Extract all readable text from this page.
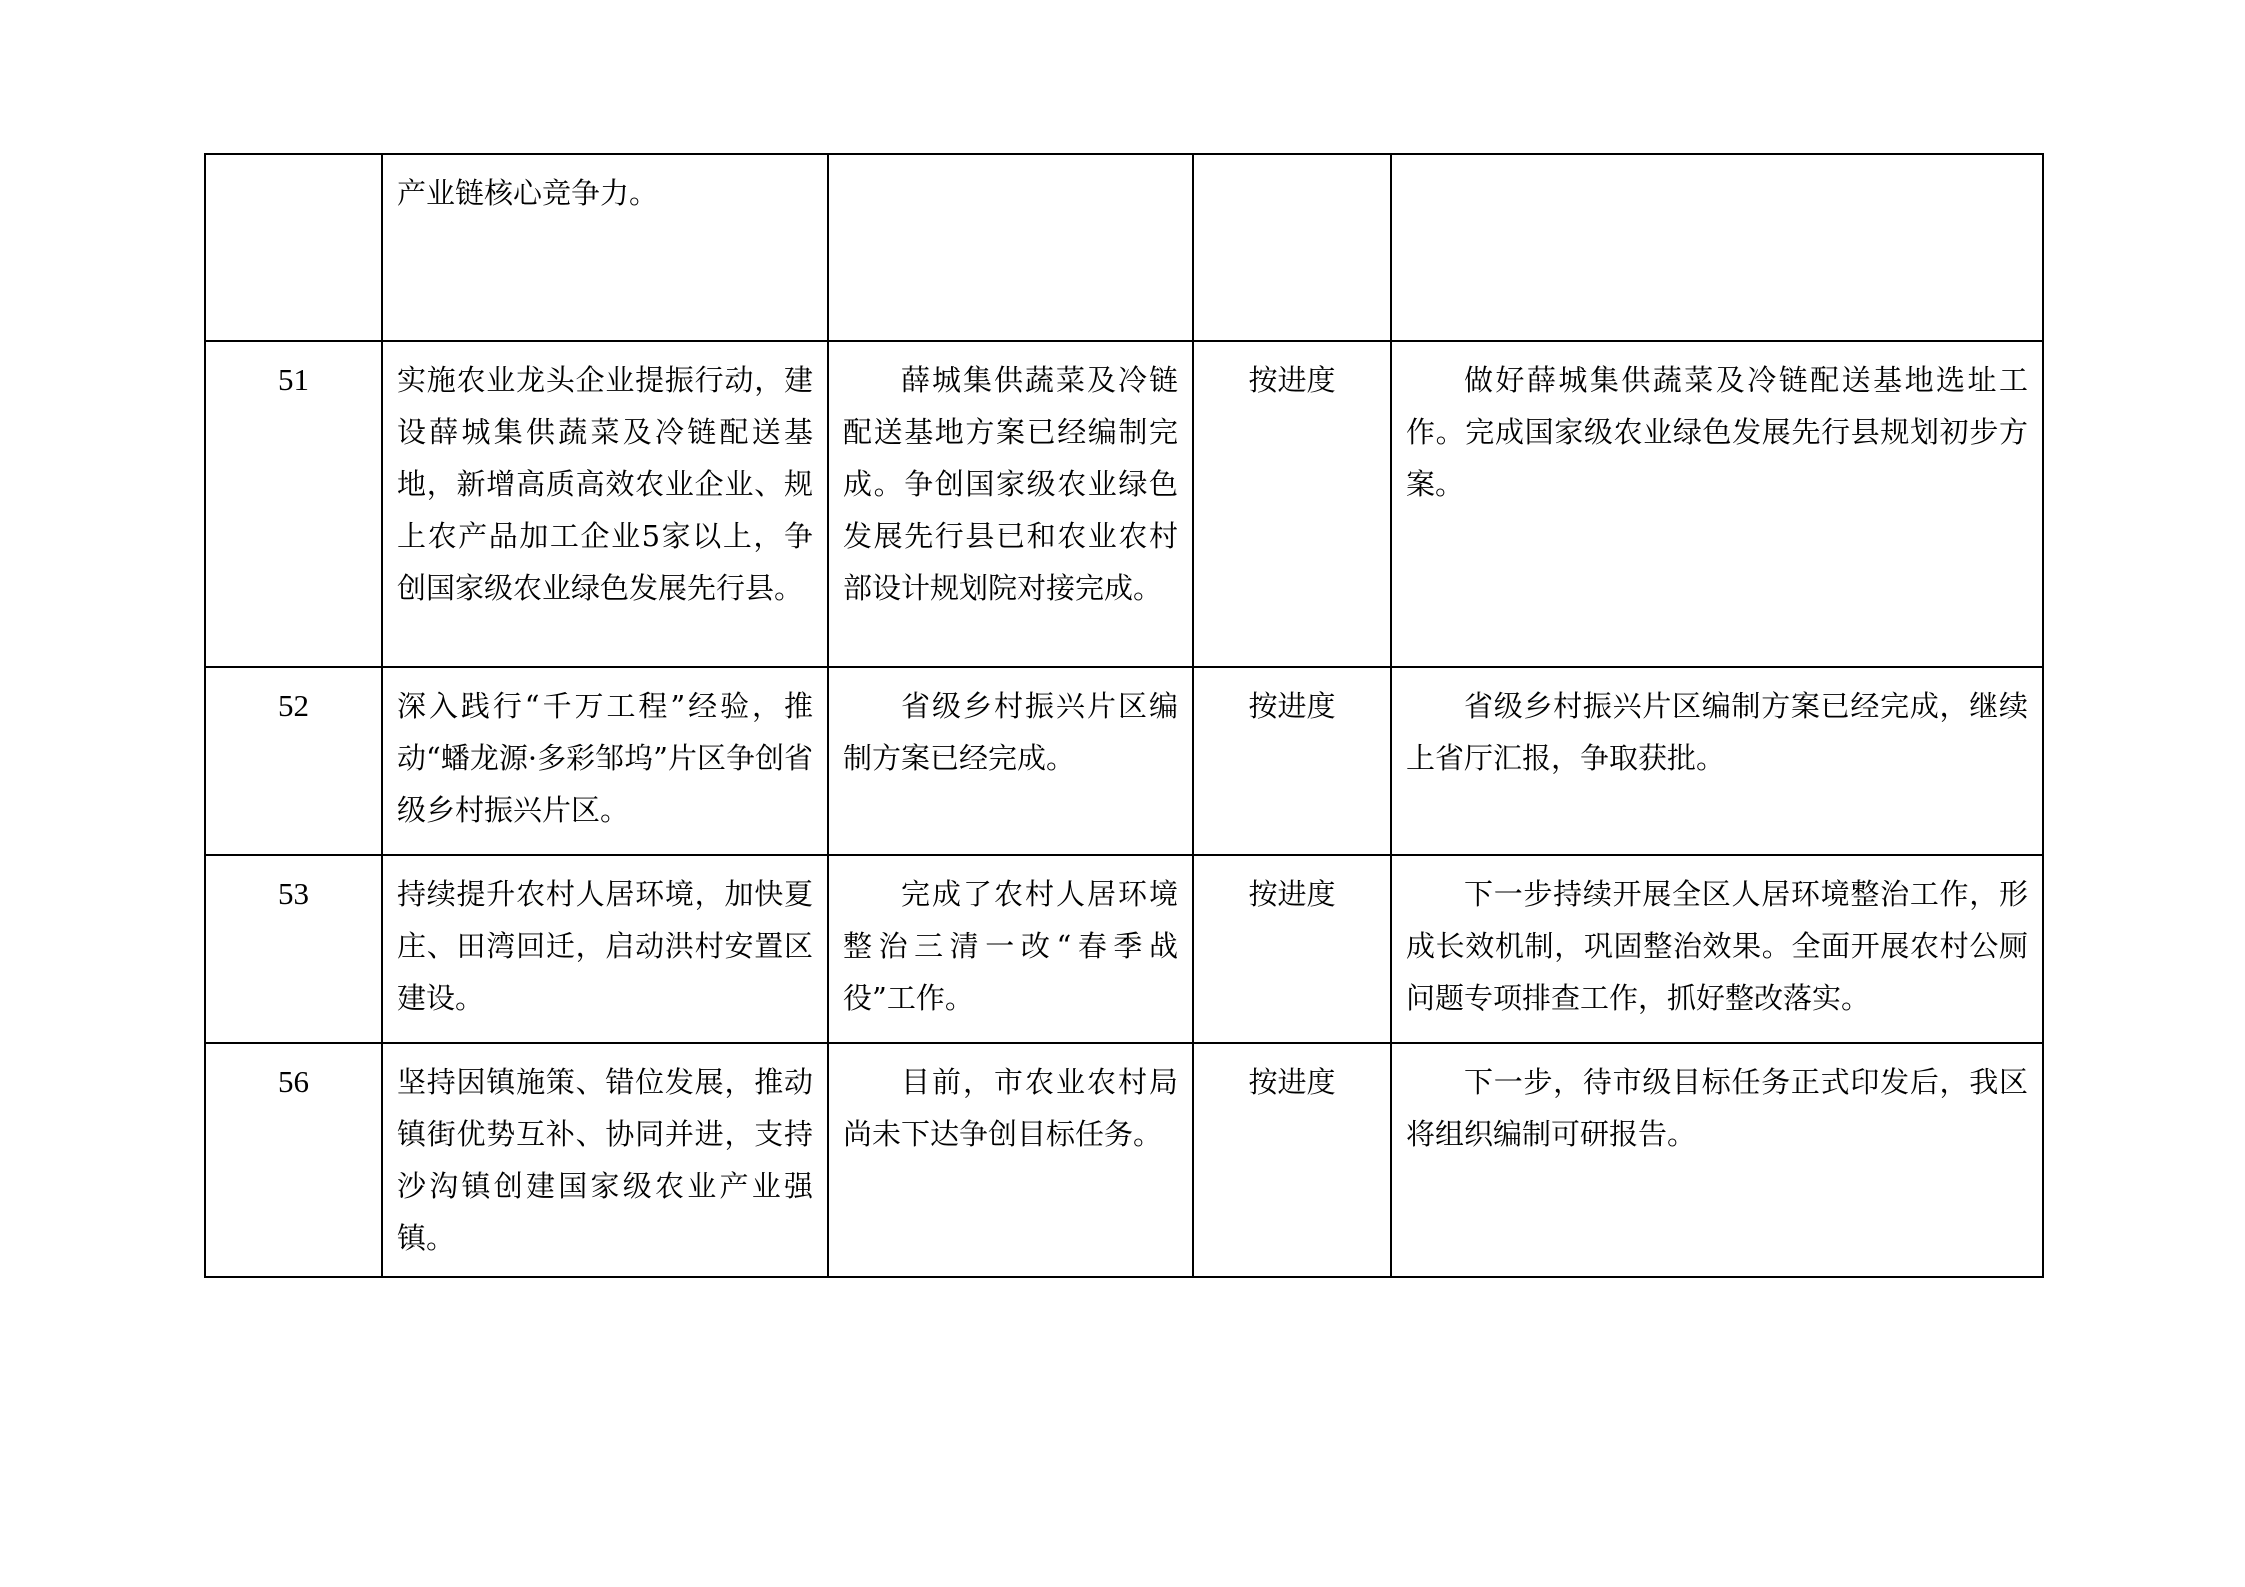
	产业链核心竞争力。			
51	实施农业龙头企业提振行动，建设薛城集供蔬菜及冷链配送基地，新增高质高效农业企业、规上农产品加工企业5家以上，争创国家级农业绿色发展先行县。	薛城集供蔬菜及冷链配送基地方案已经编制完成。争创国家级农业绿色发展先行县已和农业农村部设计规划院对接完成。	按进度	做好薛城集供蔬菜及冷链配送基地选址工作。完成国家级农业绿色发展先行县规划初步方案。
52	深入践行“千万工程”经验，推动“蟠龙源·多彩邹坞”片区争创省级乡村振兴片区。	省级乡村振兴片区编制方案已经完成。	按进度	省级乡村振兴片区编制方案已经完成，继续上省厅汇报，争取获批。
53	持续提升农村人居环境，加快夏庄、田湾回迁，启动洪村安置区建设。	完成了农村人居环境整治三清一改“春季战役”工作。	按进度	下一步持续开展全区人居环境整治工作，形成长效机制，巩固整治效果。全面开展农村公厕问题专项排查工作，抓好整改落实。
56	坚持因镇施策、错位发展，推动镇街优势互补、协同并进，支持沙沟镇创建国家级农业产业强镇。	目前，市农业农村局尚未下达争创目标任务。	按进度	下一步，待市级目标任务正式印发后，我区将组织编制可研报告。
